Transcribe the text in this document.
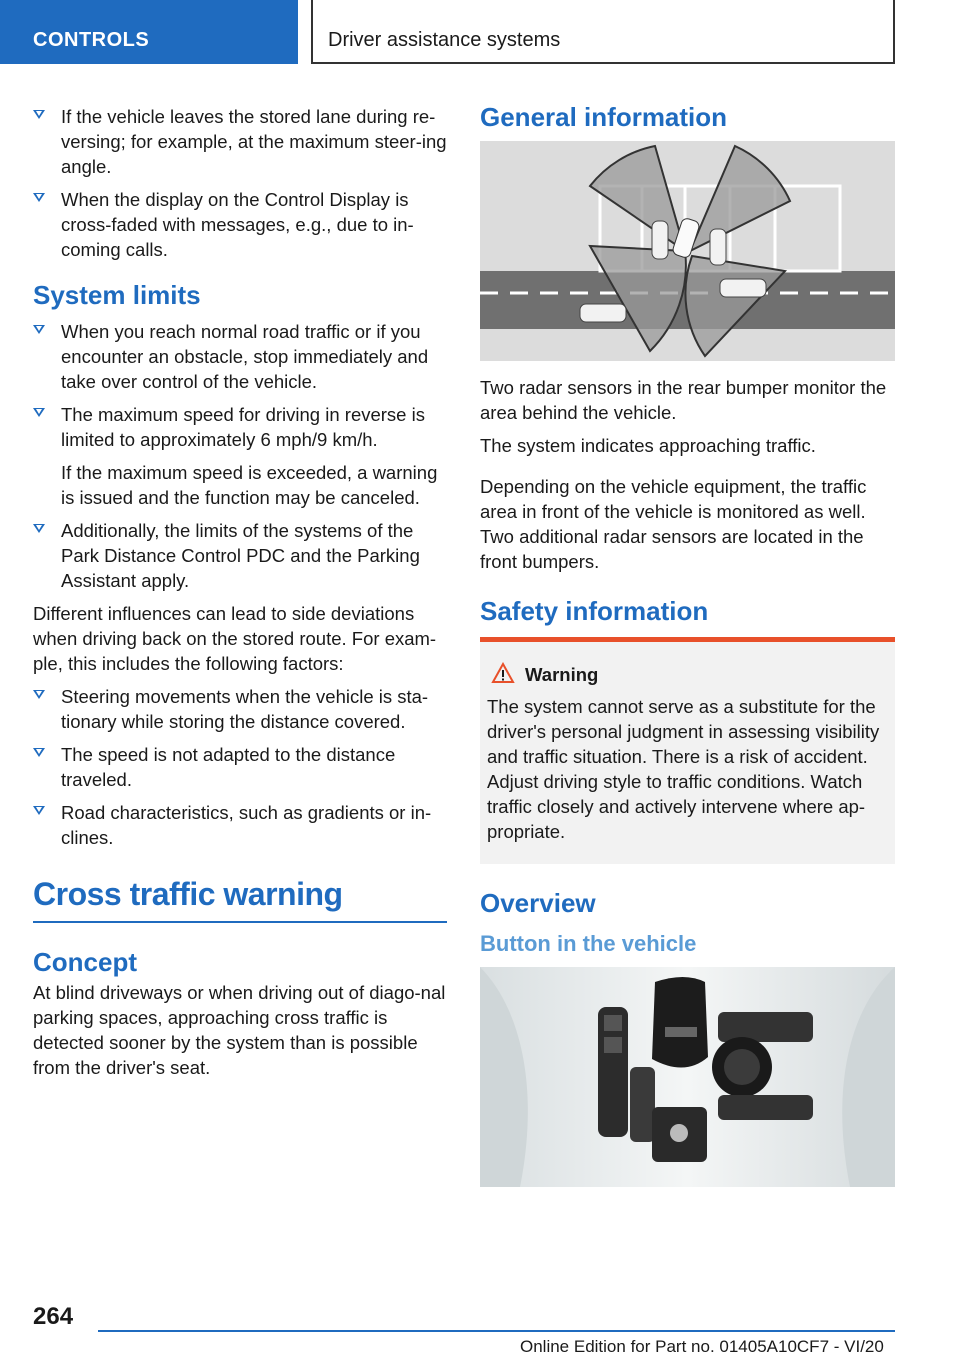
CONTROLS	Driver assistance systems
If the vehicle leaves the stored lane during re-versing; for example, at the maximum steer-ing angle.
When the display on the Control Display is cross-faded with messages, e.g., due to in-coming calls.
System limits
When you reach normal road traffic or if you encounter an obstacle, stop immediately and take over control of the vehicle.
The maximum speed for driving in reverse is limited to approximately 6 mph/9 km/h.
If the maximum speed is exceeded, a warning is issued and the function may be canceled.
Additionally, the limits of the systems of the Park Distance Control PDC and the Parking Assistant apply.

Different influences can lead to side deviations when driving back on the stored route. For exam-ple, this includes the following factors:

Steering movements when the vehicle is sta-tionary while storing the distance covered.
The speed is not adapted to the distance traveled.
Road characteristics, such as gradients or in-clines.
Cross traffic warning
Concept

At blind driveways or when driving out of diago-nal parking spaces, approaching cross traffic is detected sooner by the system than is possible from the driver's seat.

General information

Two radar sensors in the rear bumper monitor the area behind the vehicle.

The system indicates approaching traffic.

Depending on the vehicle equipment, the traffic area in front of the vehicle is monitored as well. Two additional radar sensors are located in the front bumpers.

Safety information
Warning

The system cannot serve as a substitute for the driver's personal judgment in assessing visibility and traffic situation. There is a risk of accident. Adjust driving style to traffic conditions. Watch traffic closely and actively intervene where ap-propriate.

Overview
Button in the vehicle
264
Online Edition for Part no. 01405A10CF7 - VI/20
